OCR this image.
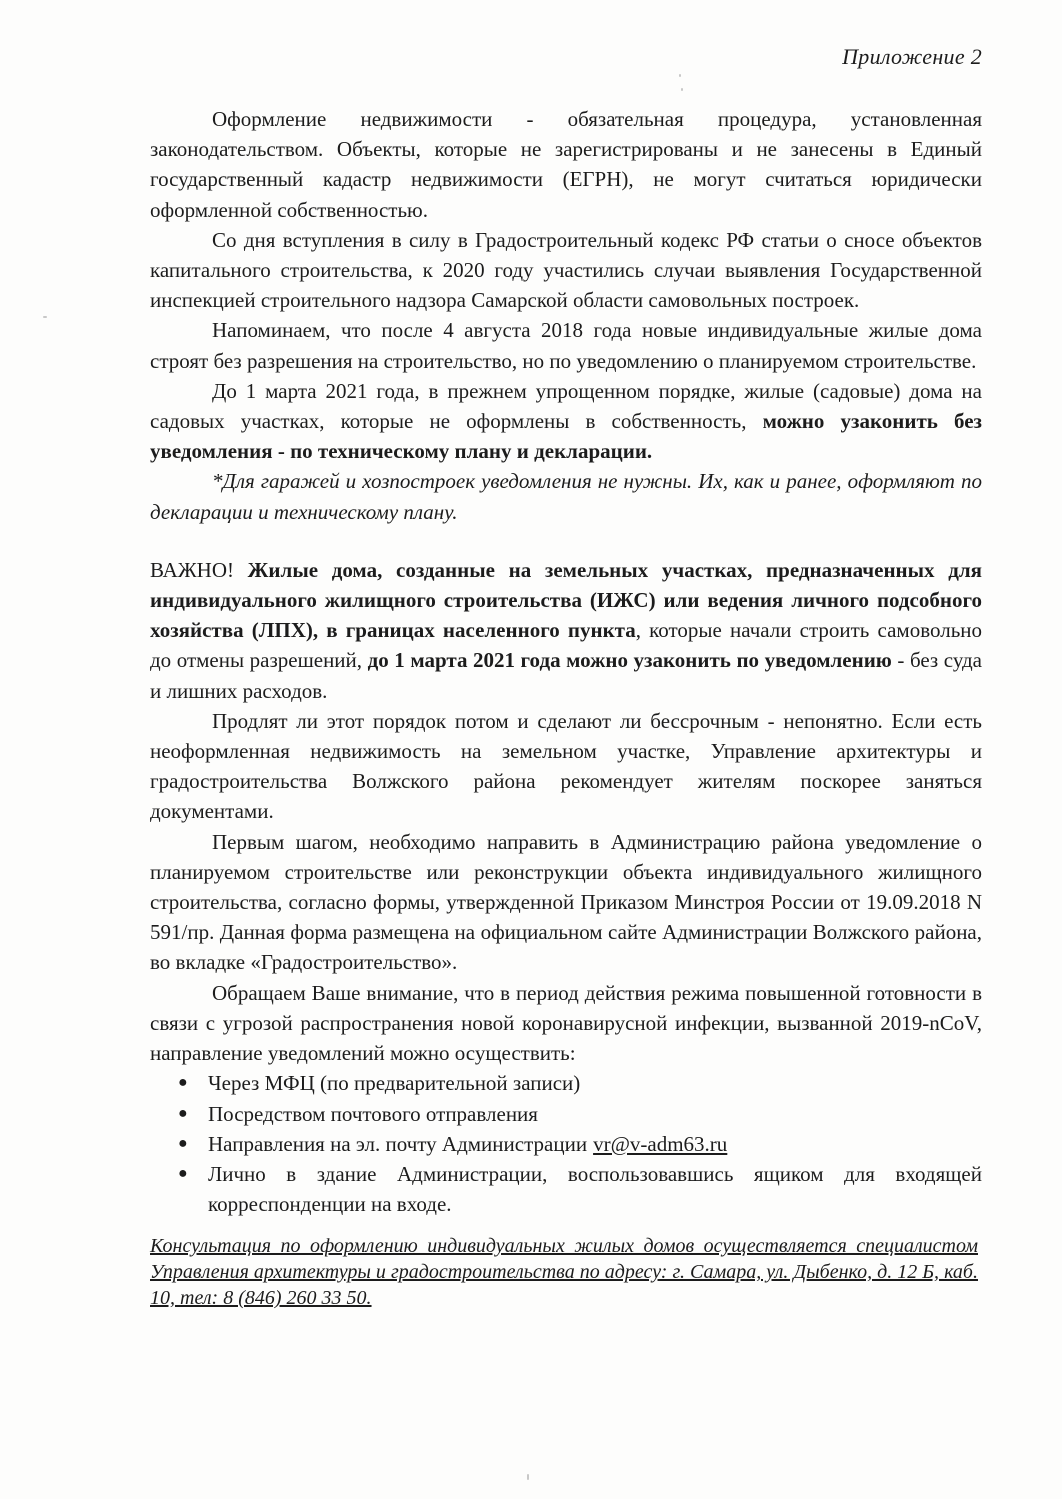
Приложение 2

Оформление недвижимости - обязательная процедура, установленная законодательством. Объекты, которые не зарегистрированы и не занесены в Единый государственный кадастр недвижимости (ЕГРН), не могут считаться юридически оформленной собственностью.

Со дня вступления в силу в Градостроительный кодекс РФ статьи о сносе объектов капитального строительства, к 2020 году участились случаи выявления Государственной инспекцией строительного надзора Самарской области самовольных построек.

Напоминаем, что после 4 августа 2018 года новые индивидуальные жилые дома строят без разрешения на строительство, но по уведомлению о планируемом строительстве.

До 1 марта 2021 года, в прежнем упрощенном порядке, жилые (садовые) дома на садовых участках, которые не оформлены в собственность, можно узаконить без уведомления - по техническому плану и декларации.

*Для гаражей и хозпостроек уведомления не нужны. Их, как и ранее, оформляют по декларации и техническому плану.

ВАЖНО! Жилые дома, созданные на земельных участках, предназначенных для индивидуального жилищного строительства (ИЖС) или ведения личного подсобного хозяйства (ЛПХ), в границах населенного пункта, которые начали строить самовольно до отмены разрешений, до 1 марта 2021 года можно узаконить по уведомлению - без суда и лишних расходов.

Продлят ли этот порядок потом и сделают ли бессрочным - непонятно. Если есть неоформленная недвижимость на земельном участке, Управление архитектуры и градостроительства Волжского района рекомендует жителям поскорее заняться документами.

Первым шагом, необходимо направить в Администрацию района уведомление о планируемом строительстве или реконструкции объекта индивидуального жилищного строительства, согласно формы, утвержденной Приказом Минстроя России от 19.09.2018 N 591/пр. Данная форма размещена на официальном сайте Администрации Волжского района, во вкладке «Градостроительство».

Обращаем Ваше внимание, что в период действия режима повышенной готовности в связи с угрозой распространения новой коронавирусной инфекции, вызванной 2019-nCoV, направление уведомлений можно осуществить:

● Через МФЦ (по предварительной записи)
● Посредством почтового отправления
● Направления на эл. почту Администрации vr@v-adm63.ru
● Лично в здание Администрации, воспользовавшись ящиком для входящей корреспонденции на входе.
Консультация по оформлению индивидуальных жилых домов осуществляется специалистом Управления архитектуры и градостроительства по адресу: г. Самара, ул. Дыбенко, д. 12 Б, каб. 10, тел: 8 (846) 260 33 50.
